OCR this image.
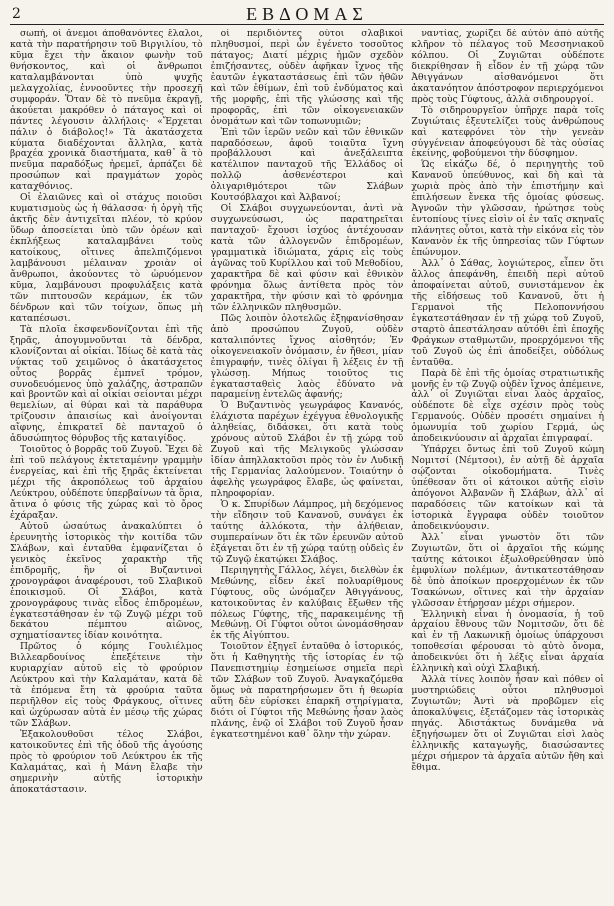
2	ΕΒΔΟΜΑΣ

σωπή, οἱ ἄνεμοι ἀποθανόντες ἔλαλοι, κατὰ τὴν παρατήρησιν τοῦ Βιργιλίου, τὸ κῦμα ἔχει τὴν ἄκαιον φωνὴν τοῦ θνήσκοντος, καὶ οἱ ἄνθρωποι καταλαμβάνονται ὑπὸ ψυχῆς μελαγχολίας, ἐννοοῦντες τὴν προσεχῆ συμφοράν. Ὅταν δὲ τὸ πνεῦμα ἐκραγῇ, ἀκούεται μακρόθεν ὁ πάταγος καὶ οἱ πάντες λέγουσιν ἀλλήλοις· «Ἔρχεται πάλιν ὁ διάβολος!» Τὰ ἀκατάσχετα κύματα διαδέχονται ἄλληλα, κατὰ βραχέα χρονικὰ διαστήματα, καθ᾽ ἃ τὸ πνεῦμα παραδόξως ἠρεμεῖ, ἀρπάζει δὲ προσώπων καὶ πραγμάτων χορὸς καταχθόνιος.

Οἱ ἐλαιῶνες καὶ οἱ στάχυς ποιοῦσι κυματισμοὺς ὡς ἡ θάλασσα· ἡ ὀργὴ τῆς ἀκτῆς δὲν ἀντιχεῖται πλέον, τὸ κρύον ὕδωρ ἀποσείεται ὑπὸ τῶν ὁρέων καὶ ἐκπλήξεως καταλαμβάνει τοὺς κατοίκους, οἵτινες ἀπελπιζόμενοι λαμβάνουσι μέλαιναν χροιὰν οἱ ἄνθρωποι, ἀκούοντες τὸ ὠρυόμενον κῦμα, λαμβάνουσι προφυλάξεις κατὰ τῶν πιπτουσῶν κεράμων, ἐκ τῶν δένδρων καὶ τῶν τοίχων, ὅπως μὴ καταπέσωσι.

Τὰ πλοῖα ἐκσφενδονίζονται ἐπὶ τῆς ξηρᾶς, ἀπογυμνοῦνται τὰ δένδρα, κλονίζονται αἱ οἰκίαι. Ἰδίως δὲ κατὰ τὰς νύκτας τοῦ χειμῶνος ὁ ἀκατάσχετος οὗτος βορρᾶς ἐμπνεῖ τρόμον, συνοδευόμενος ὑπὸ χαλάζης, ἀστραπῶν καὶ βροντῶν καὶ αἱ οἰκίαι σείονται μέχρι θεμελίων, αἱ θύραι καὶ τὰ παράθυρα τρίζουσιν ἀπαισίως καὶ ἀνοίγονται αἴφνης, ἐπικρατεῖ δὲ πανταχοῦ ὁ ἀδυσώπητος θόρυβος τῆς καταιγίδος.

Τοιοῦτος ὁ βορρᾶς τοῦ Ζυγοῦ. Ἔχει δὲ ἐπὶ τοῦ πελάγους ἐκτεταμένην γραμμὴν ἐνεργείας, καὶ ἐπὶ τῆς ξηρᾶς ἐκτείνεται μέχρι τῆς ἀκροπόλεως τοῦ ἀρχαίου Λεύκτρου, οὐδέποτε ὑπερβαίνων τὰ ὅρια, ἄτινα ὁ φύσις τῆς χώρας καὶ τὸ ὄρος ἐχάραξαν.

Αὐτοῦ ὡσαύτως ἀνακαλύπτει ὁ ἐρευνητὴς ἱστορικὸς τὴν κοιτίδα τῶν Σλάβων, καὶ ἐνταῦθα ἐμφανίζεται ὁ γενικὸς ἐκεῖνος χαρακτὴρ τῆς ἐπιδρομῆς, ἣν οἱ Βυζαντινοὶ χρονογράφοι ἀναφέρουσι, τοῦ Σλαβικοῦ ἐποικισμοῦ. Οἱ Σλάβοι, κατὰ χρονογράφους τινὰς εἶδος ἐπιδρομέων, ἐγκατεστάθησαν ἐν τῷ Ζυγῷ μέχρι τοῦ δεκάτου πέμπτου αἰῶνος, σχηματίσαντες ἰδίαν κοινότητα.

Πρῶτος ὁ κόμης Γουλιέλμος Βιλλεαρδουίνος ἐπεξέτεινε τὴν κυριαρχίαν αὐτοῦ εἰς τὸ φρούριον Λεύκτρου καὶ τὴν Καλαμάταν, κατὰ δὲ τὰ ἐπόμενα ἔτη τὰ φρούρια ταῦτα περιῆλθον εἰς τοὺς Φράγκους, οἵτινες καὶ ὠχύρωσαν αὐτὰ ἐν μέσῳ τῆς χώρας τῶν Σλάβων.

Ἐξακολουθοῦσι τέλος Σλάβοι, κατοικοῦντες ἐπὶ τῆς ὁδοῦ τῆς ἀγούσης πρὸς τὸ φρούριον τοῦ Λεύκτρου ἐκ τῆς Καλαμάτας, καὶ ἡ Μάνη ἔλαβε τὴν σημερινὴν αὐτῆς ἱστορικὴν ἀποκατάστασιν.

οἱ περιδιόντες οὗτοι σλαβικοὶ πληθυσμοί, περὶ ὧν ἐγένετο τοσοῦτος πάταγος; Διατί μέχρις ἡμῶν σχεδὸν ἐπιζήσαντες, οὐδὲν ἀφῆκαν ἴχνος τῆς ἑαυτῶν ἐγκαταστάσεως ἐπὶ τῶν ἠθῶν καὶ τῶν ἐθίμων, ἐπὶ τοῦ ἐνδύματος καὶ τῆς μορφῆς, ἐπὶ τῆς γλώσσης καὶ τῆς προφορᾶς, ἐπὶ τῶν οἰκογενειακῶν ὀνομάτων καὶ τῶν τοπωνυμιῶν;

Ἐπὶ τῶν ἱερῶν νεῶν καὶ τῶν ἐθνικῶν παραδόσεων, ἀφοῦ τοιαῦτα ἴχνη προβάλλουσι καὶ ἀνεξάλειπτα κατέλιπον πανταχοῦ τῆς Ἑλλάδος οἱ πολλῷ ἀσθενέστεροι καὶ ὀλιγαριθμότεροι τῶν Σλάβων Κουτσόβλαχοι καὶ Ἀλβανοί;

Οἱ Σλάβοι συγχωνεύονται, ἀντὶ νὰ συγχωνεύσωσι, ὡς παρατηρεῖται πανταχοῦ· ἔχουσι ἰσχύος ἀντέχουσαν κατὰ τῶν ἀλλογενῶν ἐπιδρομέων, γραμματικὰ ἰδιώματα, χάρις εἰς τοὺς ἀγῶνας τοῦ Κυρίλλου καὶ τοῦ Μεθοδίου, χαρακτῆρα δὲ καὶ φύσιν καὶ ἐθνικὸν φρόνημα ὅλως ἀντίθετα πρὸς τὸν χαρακτῆρα, τὴν φύσιν καὶ τὸ φρόνημα τῶν ἑλληνικῶν πληθυσμῶν.

Πῶς λοιπὸν ὁλοτελῶς ἐξηφανίσθησαν ἀπὸ προσώπου Ζυγοῦ, οὐδὲν καταλιπόντες ἴχνος αἰσθητόν; Ἐν οἰκογενειακοῖν ὀνόμασιν, ἐν ἤθεσι, μίαν ἐπιγραφήν, τινὲς ὀλίγαι ἢ λέξεις ἐν τῇ γλώσσῃ. Μήπως τοιοῦτος τις ἐγκατασταθεὶς λαὸς ἐδύνατο νὰ παραμείνῃ ἐντελῶς ἀφανής;

Ὁ Βυζαντινὸς γεωγράφος Κανανός, ἐλάχιστα παρέχων ἐχέγγυα ἐθνολογικῆς ἀληθείας, διδάσκει, ὅτι κατὰ τοὺς χρόνους αὐτοῦ Σλάβοι ἐν τῇ χώρᾳ τοῦ Ζυγοῦ καὶ τῆς Μελιγκοῦς γλώσσαν ἰδίαν ἀπηλλακτοῦσι πρὸς τὸν ἐν Λυδικῇ τῆς Γερμανίας λαλούμενον. Τοιαύτην ὁ ἀφελὴς γεωγράφος ἔλαβε, ὡς φαίνεται, πληροφορίαν.

Ὁ κ. Σπυρίδων Λάμπρος, μὴ δεχόμενος τὴν εἴδησιν τοῦ Κανανοῦ, συνάγει ἐκ ταύτης ἀλλόκοτα, τὴν ἀλήθειαν, συμπεραίνων ὅτι ἐκ τῶν ἐρευνῶν αὐτοῦ ἐξάγεται ὅτι ἐν τῇ χώρᾳ ταύτῃ οὐδεὶς ἐν τῷ Ζυγῷ ἐκατῴκει Σλάβος.

Περιηγητὴς Γάλλος, λέγει, διελθὼν ἐκ Μεθώνης, εἶδεν ἐκεῖ πολυαρίθμους Γύφτους, οὓς ὠνόμαζεν Ἀθιγγάνους, κατοικοῦντας ἐν καλύβαις ἔξωθεν τῆς πόλεως Γύφτης, τῆς παρακειμένης τῇ Μεθώνῃ. Οἱ Γύφτοι οὗτοι ὠνομάσθησαν ἐκ τῆς Αἰγύπτου.

Τοιοῦτον ἐξηγεῖ ἐνταῦθα ὁ ἱστορικός, ὅτι ἡ Καθηγητὴς τῆς ἱστορίας ἐν τῷ Πανεπιστημίῳ ἐσημείωσε σημεῖα περὶ τῶν Σλάβων τοῦ Ζυγοῦ. Ἀναγκαζόμεθα ὅμως νὰ παρατηρήσωμεν ὅτι ἡ θεωρία αὕτη δὲν εὑρίσκει ἐπαρκῆ στηρίγματα, διότι οἱ Γύφτοι τῆς Μεθώνης ἦσαν λαὸς πλάνης, ἐνῷ οἱ Σλάβοι τοῦ Ζυγοῦ ἦσαν ἐγκατεστημένοι καθ᾽ ὅλην τὴν χώραν.

ναντίας, χωρίζει δὲ αὐτὸν ἀπὸ αὐτῆς κλῆρον τὸ πέλαγος τοῦ Μεσσηνιακοῦ κόλπου. Οἱ Ζυγιῶται οὐδέποτε διεκρίθησαν ἢ εἶδον ἐν τῇ χώρᾳ τῶν Ἀθιγγάνων αἰσθανόμενοι ὅτι ἀκατανόητον ἀπόστροφον περιερχόμενοι πρὸς τοὺς Γύφτους, ἀλλὰ σιδηρουργοί.

Τὸ σιδηρουργεῖον ὑπῆρχε παρὰ τοῖς Ζυγιώταις ἐξευτελίζει τοὺς ἀνθρώπους καὶ κατεφρόνει τὸν τὴν γενεὰν σύγγένειαν ἀποφεύγουσι δὲ τὰς οὐσίας ἐκείνης, φοβούμενοι τὴν δύσφημον.

Ὡς εἰκάζω δέ, ὁ περιηγητὴς τοῦ Κανανοῦ ὑπεύθυνος, καὶ δὴ καὶ τὰ χωριὰ πρὸς ἀπὸ τὴν ἐπιστήμην καὶ ἐπιλήσεων ἔνεκα τῆς ὁμοίας φύσεως. Ἀγνοῶν τὴν γλῶσσαν, ἠρώτησε τοὺς ἐντοπίους τίνες εἰσὶν οἱ ἐν ταῖς σκηναῖς πλάνητες οὗτοι, κατὰ τὴν εἰκόνα εἰς τὸν Κανανὸν ἐκ τῆς ὑπηρεσίας τῶν Γύφτων ἐπώνυμον.

Ἀλλ᾽ ὁ Σάθας, λογιώτερος, εἶπεν ὅτι ἄλλος ἀπεφάνθη, ἐπειδὴ περὶ αὐτοῦ ἀποφαίνεται αὐτοῦ, συνιστάμενον ἐκ τῆς εἰδήσεως τοῦ Κανανοῦ, ὅτι ἡ Γερμανοὶ τῆς Πελοποννήσου ἐγκατεστάθησαν ἐν τῇ χώρᾳ τοῦ Ζυγοῦ, σταρτὸ ἀπεστάλησαν αὐτόθι ἐπὶ ἐποχῆς Φράγκων σταθμωτῶν, προερχόμενοι τῆς τοῦ Ζυγοῦ ὡς ἐπὶ ἀποδείξει, οὐδόλως ἐνταῦθα.

Παρὰ δὲ ἐπὶ τῆς ὁμοίας στρατιωτικῆς μονῆς ἐν τῷ Ζυγῷ οὐδὲν ἴχνος ἀπέμεινε, ἀλλ᾽ οἱ Ζυγιῶται εἶναι λαὸς ἀρχαῖος, οὐδέποτε δὲ εἶχε σχέσιν πρὸς τοὺς Γερμανούς. Οὐδὲν προσέτι σημαίνει ἡ ὁμωνυμία τοῦ χωρίου Γερμά, ὡς ἀποδεικνύουσιν αἱ ἀρχαῖαι ἐπιγραφαί.

Ὑπάρχει ὄντως ἐπὶ τοῦ Ζυγοῦ κώμη Νομιτσί (Νέμτσοι), ἐν αὐτῇ δὲ ἀρχαῖα σῴζονται οἰκοδομήματα. Τινὲς ὑπέθεσαν ὅτι οἱ κάτοικοι αὐτῆς εἰσὶν ἀπόγονοι Ἀλβανῶν ἢ Σλάβων, ἀλλ᾽ αἱ παραδόσεις τῶν κατοίκων καὶ τὰ ἱστορικὰ ἔγγραφα οὐδὲν τοιοῦτον ἀποδεικνύουσιν.

Ἀλλ᾽ εἶναι γνωστὸν ὅτι τῶν Ζυγιωτῶν, ὅτι οἱ ἀρχαῖοι τῆς κώμης ταύτης κάτοικοι ἐξωλοθρεύθησαν ὑπὸ ἐμφυλίων πολέμων, ἀντικατεστάθησαν δὲ ὑπὸ ἀποίκων προερχομένων ἐκ τῶν Τσακώνων, οἵτινες καὶ τὴν ἀρχαίαν γλῶσσαν ἐτήρησαν μέχρι σήμερον.

Ἑλληνικὴ εἶναι ἡ ὀνομασία, ἡ τοῦ ἀρχαίου ἔθνους τῶν Νομιτσῶν, ὅτι δὲ καὶ ἐν τῇ Λακωνικῇ ὁμοίως ὑπάρχουσι τοποθεσίαι φέρουσαι τὸ αὐτὸ ὄνομα, ἀποδεικνύει ὅτι ἡ λέξις εἶναι ἀρχαία ἑλληνικὴ καὶ οὐχὶ Σλαβική.

Ἀλλὰ τίνες λοιπὸν ἦσαν καὶ πόθεν οἱ μυστηριώδεις οὗτοι πληθυσμοὶ Ζυγιωτῶν; Ἀντὶ νὰ προβῶμεν εἰς ἀποκαλύψεις, ἐξετάζομεν τὰς ἱστορικὰς πηγάς. Ἀδιστάκτως δυνάμεθα νὰ ἐξηγήσωμεν ὅτι οἱ Ζυγιῶται εἰσὶ λαὸς ἑλληνικῆς καταγωγῆς, διασώσαντες μέχρι σήμερον τὰ ἀρχαῖα αὐτῶν ἤθη καὶ ἔθιμα.
